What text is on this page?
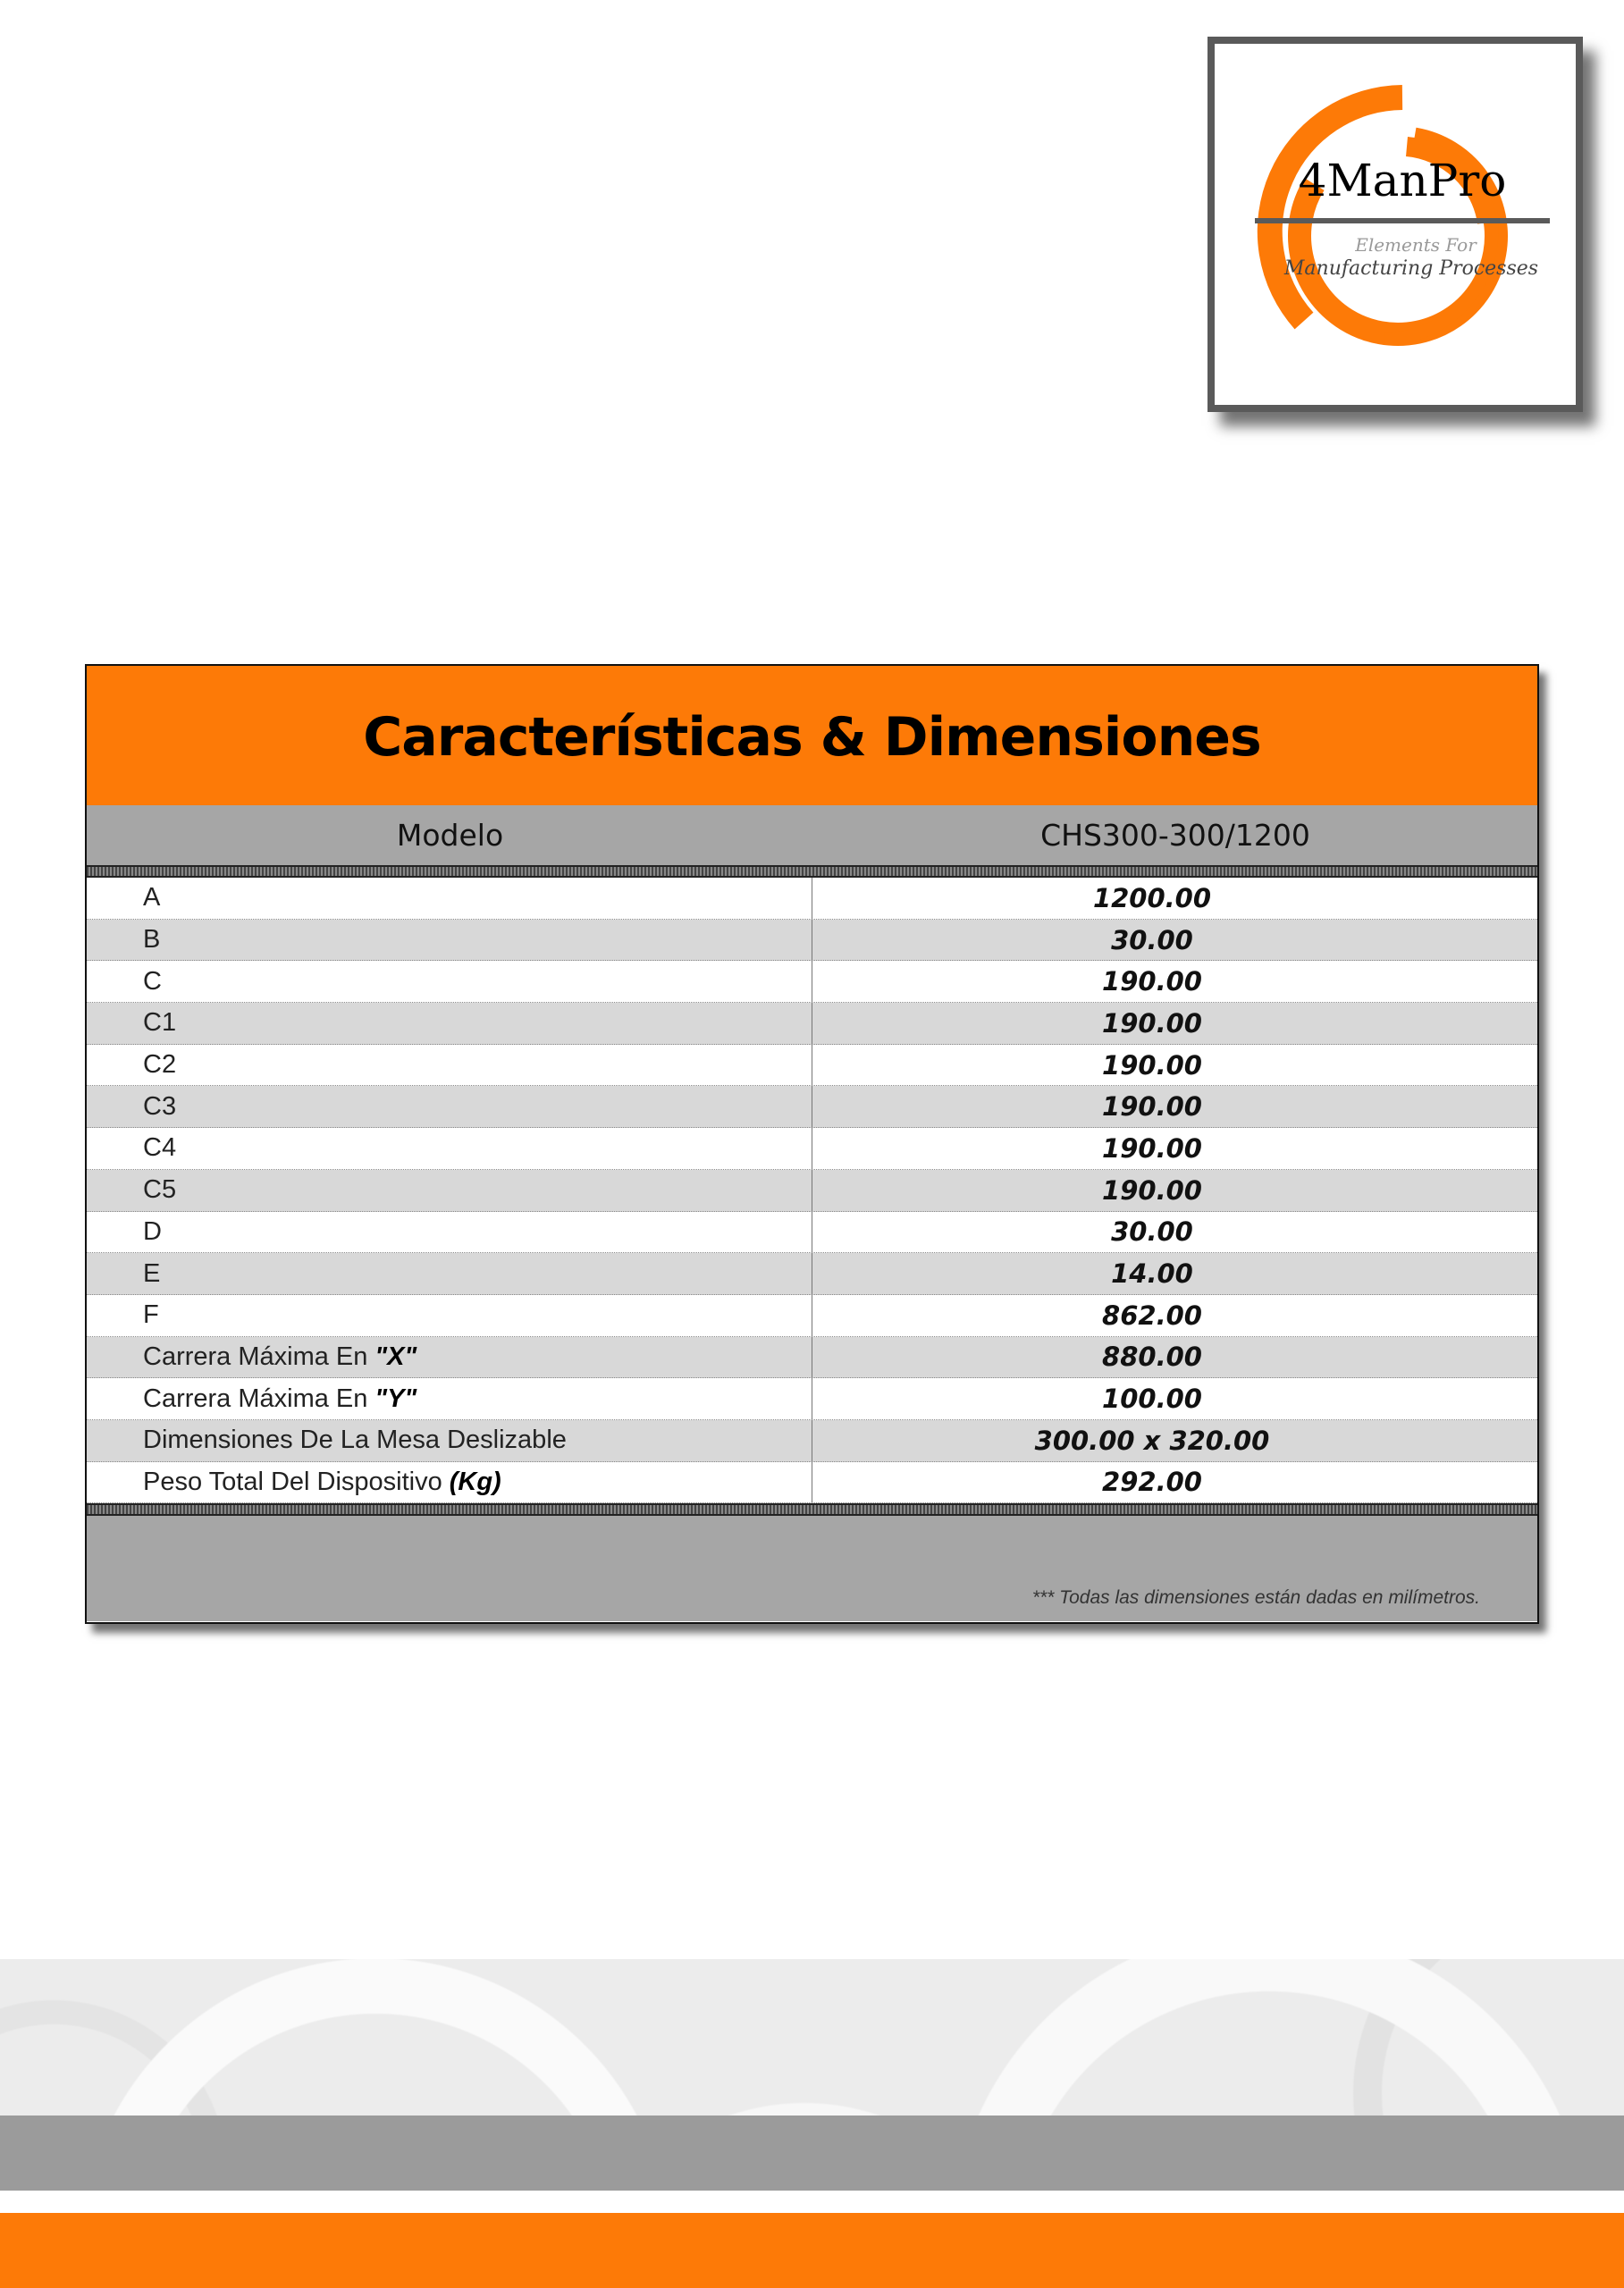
4ManPro
Elements For
Manufacturing Processes
Características & Dimensiones
Modelo	CHS300-300/1200
A	1200.00
B	30.00
C	190.00
C1	190.00
C2	190.00
C3	190.00
C4	190.00
C5	190.00
D	30.00
E	14.00
F	862.00
Carrera Máxima En "X"	880.00
Carrera Máxima En "Y"	100.00
Dimensiones De La Mesa Deslizable	300.00 x 320.00
Peso Total Del Dispositivo (Kg)	292.00
*** Todas las dimensiones están dadas en milímetros.
